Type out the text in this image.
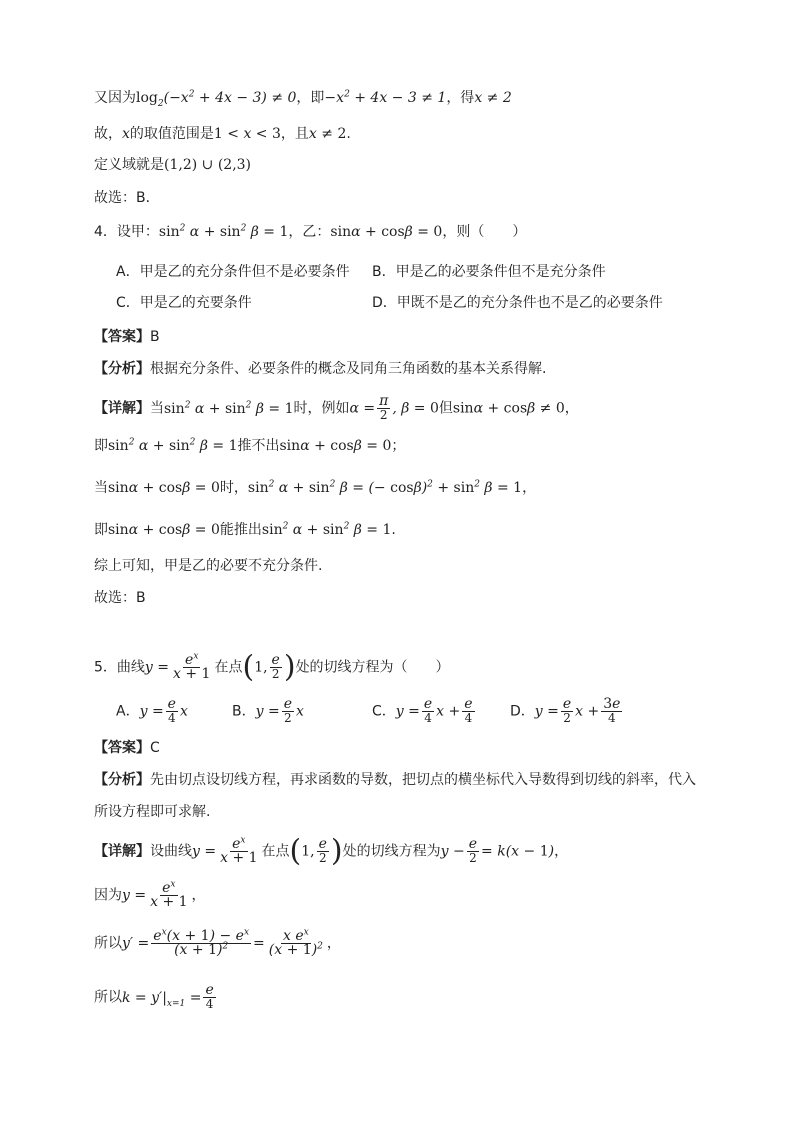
又因为$\log_2(-x^2 + 4x - 3) \ne 0$，即$-x^2 + 4x - 3 \ne 1$，得x ≠ 2
故，x的取值范围是1 < x < 3，且x ≠ 2.
定义域就是(1,2) ∪ (2,3)
故选：B．
4．设甲：$\sin^2 \alpha + \sin^2 \beta = 1$，乙：sinα + cosβ = 0，则（　　）
A．甲是乙的充分条件但不是必要条件 B．甲是乙的必要条件但不是充分条件
C．甲是乙的充要条件	D．甲既不是乙的充分条件也不是乙的必要条件
【答案】B
【分析】根据充分条件、必要条件的概念及同角三角函数的基本关系得解.
【详解】当$\sin^2 \alpha + \sin^2 \beta = 1$时，例如$\alpha = \frac{\pi}{2}$ , β = 0但sinα + cosβ ≠ 0，
即$\sin^2 \alpha + \sin^2 \beta = 1$推不出sinα + cosβ = 0；
当sinα + cosβ = 0时，$\sin^2 \alpha + \sin^2 \beta$ = (− $\cos\beta)^2 + \sin^2 \beta = 1$，
即sinα + cosβ = 0能推出$\sin^2 \alpha + \sin^2 \beta = 1$.
综上可知，甲是乙的必要不充分条件.
故选：B
5．曲线$y = \frac{e^x}{x + 1}$ 在点(1, $\frac{e}{2}$ )处的切线方程为（　　）
A．$y = \frac{e}{4}$ x	B．$y = \frac{e}{2}$ x	C．$y = \frac{e}{4}$ $x + \frac{e}{4}$	D．$y = \frac{e}{2}$ $x + \frac{3e}{4}$
【答案】C
【分析】先由切点设切线方程，再求函数的导数，把切点的横坐标代入导数得到切线的斜率，代入
所设方程即可求解.
【详解】设曲线$y = \frac{e^x}{x + 1}$ 在点(1, $\frac{e}{2}$ )处的切线方程为$y - \frac{e}{2} = k(x - 1)$，
因为$y = \frac{e^x}{x + 1}$ ，
所以$y' = \frac{e^x(x + 1) - e^x}{(x + 1)^2} = \frac{x e^x}{(x + 1)^2}$ ，
所以$k = y'|_{x=1} = \frac{e}{4}$
